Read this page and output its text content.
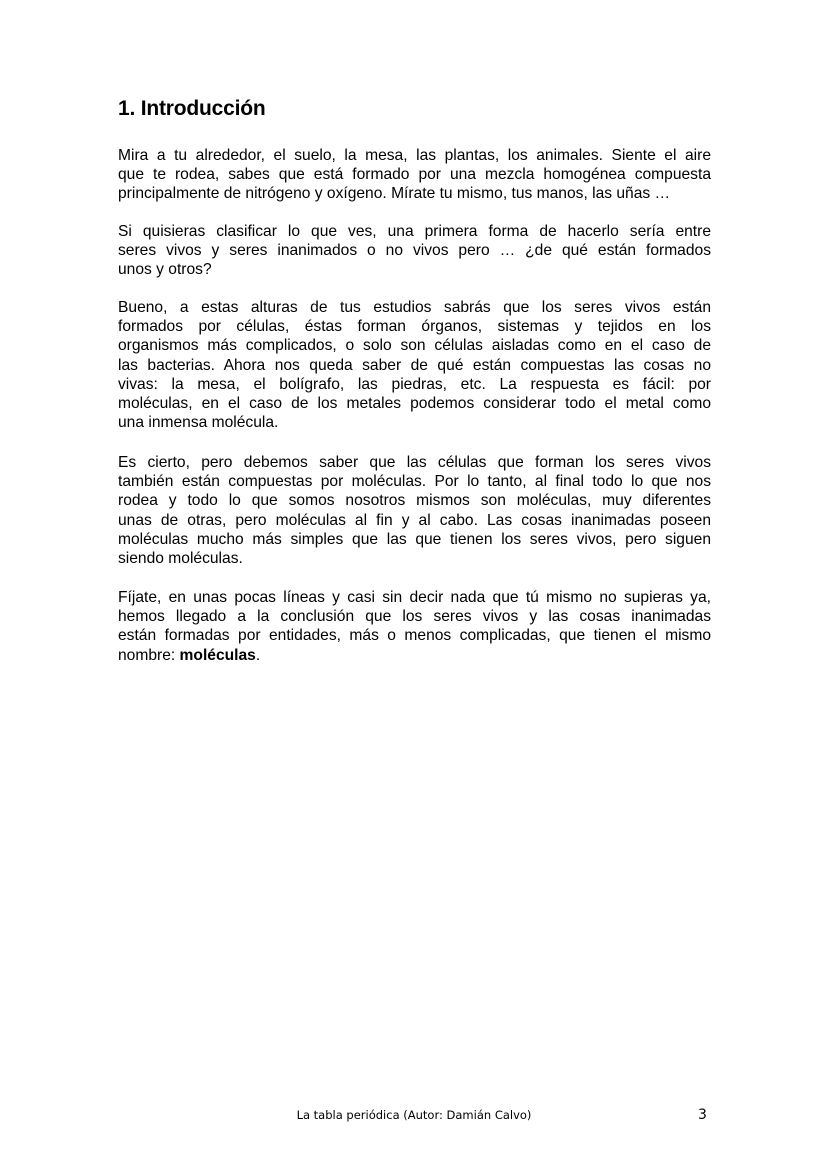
1. Introducción
Mira a tu alrededor, el suelo, la mesa, las plantas, los animales. Siente el aire
que te rodea, sabes que está formado por una mezcla homogénea compuesta
principalmente de nitrógeno y oxígeno. Mírate tu mismo, tus manos, las uñas …
Si quisieras clasificar lo que ves, una primera forma de hacerlo sería entre
seres vivos y seres inanimados o no vivos pero … ¿de qué están formados
unos y otros?
Bueno, a estas alturas de tus estudios sabrás que los seres vivos están
formados por células, éstas forman órganos, sistemas y tejidos en los
organismos más complicados, o solo son células aisladas como en el caso de
las bacterias. Ahora nos queda saber de qué están compuestas las cosas no
vivas: la mesa, el bolígrafo, las piedras, etc. La respuesta es fácil: por
moléculas, en el caso de los metales podemos considerar todo el metal como
una inmensa molécula.
Es cierto, pero debemos saber que las células que forman los seres vivos
también están compuestas por moléculas. Por lo tanto, al final todo lo que nos
rodea y todo lo que somos nosotros mismos son moléculas, muy diferentes
unas de otras, pero moléculas al fin y al cabo. Las cosas inanimadas poseen
moléculas mucho más simples que las que tienen los seres vivos, pero siguen
siendo moléculas.
Fíjate, en unas pocas líneas y casi sin decir nada que tú mismo no supieras ya,
hemos llegado a la conclusión que los seres vivos y las cosas inanimadas
están formadas por entidades, más o menos complicadas, que tienen el mismo
nombre: moléculas.
La tabla periódica (Autor: Damián Calvo)	3
